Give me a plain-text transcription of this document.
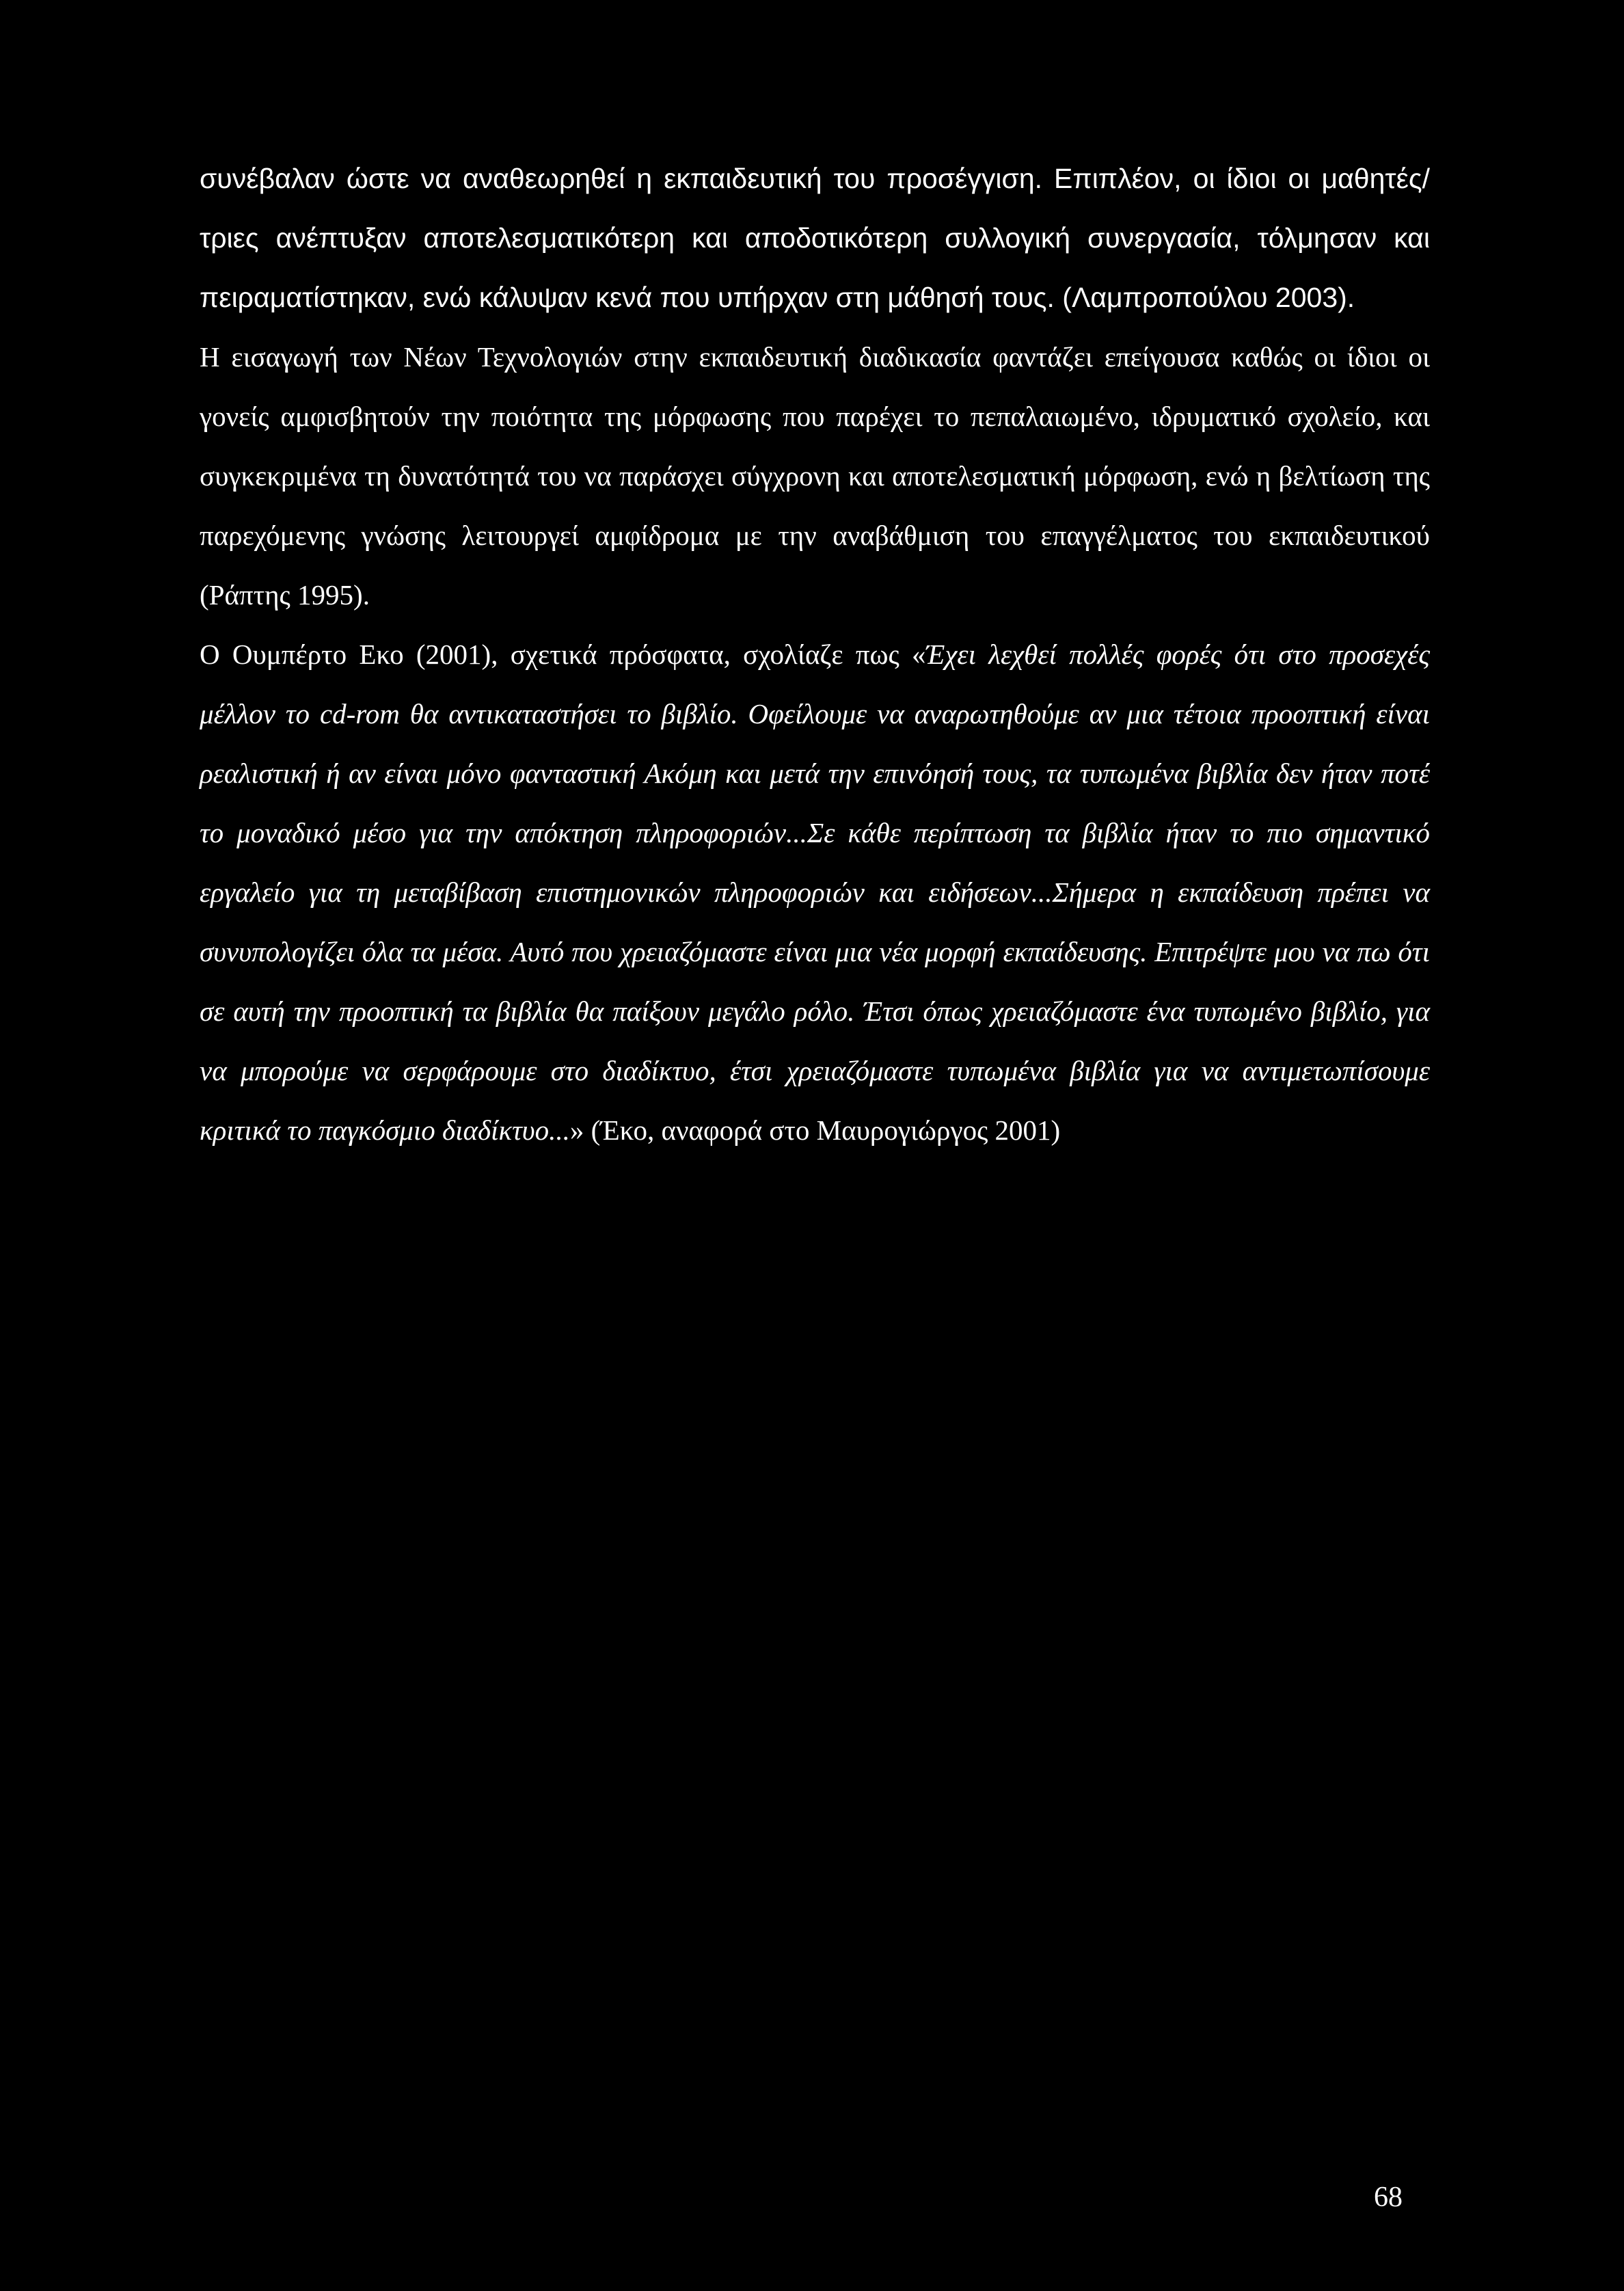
συνέβαλαν ώστε να αναθεωρηθεί η εκπαιδευτική του προσέγγιση. Επιπλέον, οι ίδιοι οι μαθητές/τριες ανέπτυξαν αποτελεσματικότερη και αποδοτικότερη συλλογική συνεργασία, τόλμησαν και πειραματίστηκαν, ενώ κάλυψαν κενά που υπήρχαν στη μάθησή τους. (Λαμπροπούλου 2003).

Η εισαγωγή των Νέων Τεχνολογιών στην εκπαιδευτική διαδικασία φαντάζει επείγουσα καθώς οι ίδιοι οι γονείς αμφισβητούν την ποιότητα της μόρφωσης που παρέχει το πεπαλαιωμένο, ιδρυματικό σχολείο, και συγκεκριμένα τη δυνατότητά του να παράσχει σύγχρονη και αποτελεσματική μόρφωση, ενώ η βελτίωση της παρεχόμενης γνώσης λειτουργεί αμφίδρομα με την αναβάθμιση του επαγγέλματος του εκπαιδευτικού (Ράπτης 1995).

Ο Ουμπέρτο Εκο (2001), σχετικά πρόσφατα, σχολίαζε πως «Έχει λεχθεί πολλές φορές ότι στο προσεχές μέλλον το cd-rom θα αντικαταστήσει το βιβλίο. Οφείλουμε να αναρωτηθούμε αν μια τέτοια προοπτική είναι ρεαλιστική ή αν είναι μόνο φανταστική Ακόμη και μετά την επινόησή τους, τα τυπωμένα βιβλία δεν ήταν ποτέ το μοναδικό μέσο για την απόκτηση πληροφοριών...Σε κάθε περίπτωση τα βιβλία ήταν το πιο σημαντικό εργαλείο για τη μεταβίβαση επιστημονικών πληροφοριών και ειδήσεων...Σήμερα η εκπαίδευση πρέπει να συνυπολογίζει όλα τα μέσα. Αυτό που χρειαζόμαστε είναι μια νέα μορφή εκπαίδευσης. Επιτρέψτε μου να πω ότι σε αυτή την προοπτική τα βιβλία θα παίξουν μεγάλο ρόλο. Έτσι όπως χρειαζόμαστε ένα τυπωμένο βιβλίο, για να μπορούμε να σερφάρουμε στο διαδίκτυο, έτσι χρειαζόμαστε τυπωμένα βιβλία για να αντιμετωπίσουμε κριτικά το παγκόσμιο διαδίκτυο...» (Έκο, αναφορά στο Μαυρογιώργος 2001)

68
